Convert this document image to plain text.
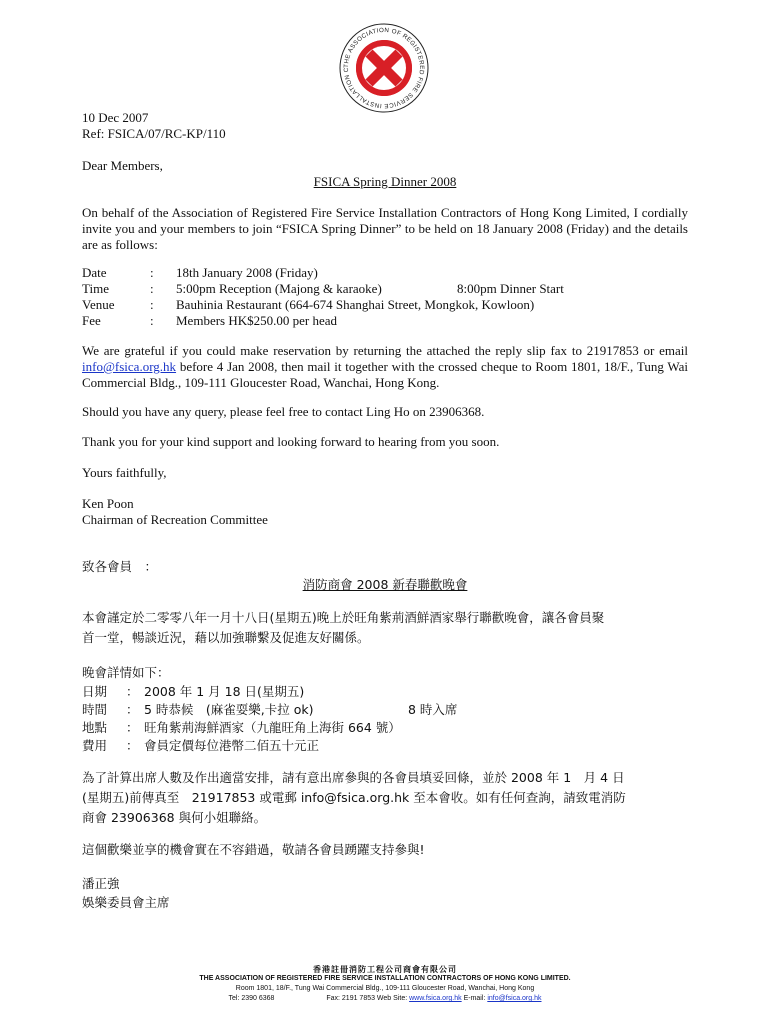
THE ASSOCIATION OF REGISTERED FIRE SERVICE INSTALLATION C
10 Dec 2007
Ref: FSICA/07/RC-KP/110
Dear Members,
FSICA Spring Dinner 2008
On behalf of the Association of Registered Fire Service Installation Contractors of Hong Kong Limited, I cordially invite you and your members to join “FSICA Spring Dinner” to be held on 18 January 2008 (Friday) and the details are as follows:
Date	: 18th January 2008 (Friday)
Time	: 5:00pm Reception (Majong & karaoke)	8:00pm Dinner Start
Venue	: Bauhinia Restaurant (664-674 Shanghai Street, Mongkok, Kowloon)
Fee	: Members HK$250.00 per head
We are grateful if you could make reservation by returning the attached the reply slip fax to 21917853 or email info@fsica.org.hk before 4 Jan 2008, then mail it together with the crossed cheque to Room 1801, 18/F., Tung Wai Commercial Bldg., 109-111 Gloucester Road, Wanchai, Hong Kong.
Should you have any query, please feel free to contact Ling Ho on 23906368.
Thank you for your kind support and looking forward to hearing from you soon.
Yours faithfully,
Ken Poon
Chairman of Recreation Committee
致各會員　：
消防商會 2008 新春聯歡晚會
本會謹定於二零零八年一月十八日(星期五)晚上於旺角紫荊酒鮮酒家舉行聯歡晚會，讓各會員聚
首一堂，暢談近況，藉以加強聯繫及促進友好關係。
晚會詳情如下：
日期 ： 2008 年 1 月 18 日(星期五)
時間 ： 5 時恭候　(麻雀耍樂,卡拉 ok)	8 時入席
地點 ： 旺角紫荊海鮮酒家（九龍旺角上海街 664 號）
費用 ： 會員定價每位港幣二佰五十元正
為了計算出席人數及作出適當安排，請有意出席參與的各會員填妥回條，並於 2008 年 1　月 4 日
(星期五)前傳真至　21917853 或電郵 info@fsica.org.hk 至本會收。如有任何查詢，請致電消防
商會 23906368 與何小姐聯絡。
這個歡樂並享的機會實在不容錯過，敬請各會員踴躍支持參與!
潘正強
娛樂委員會主席
香港註冊消防工程公司商會有限公司
THE ASSOCIATION OF REGISTERED FIRE SERVICE INSTALLATION CONTRACTORS OF HONG KONG LIMITED.
Room 1801, 18/F., Tung Wai Commercial Bldg., 109-111 Gloucester Road, Wanchai, Hong Kong
Tel: 2390 6368	Fax: 2191 7853 Web Site: www.fsica.org.hk E-mail: info@fsica.org.hk
